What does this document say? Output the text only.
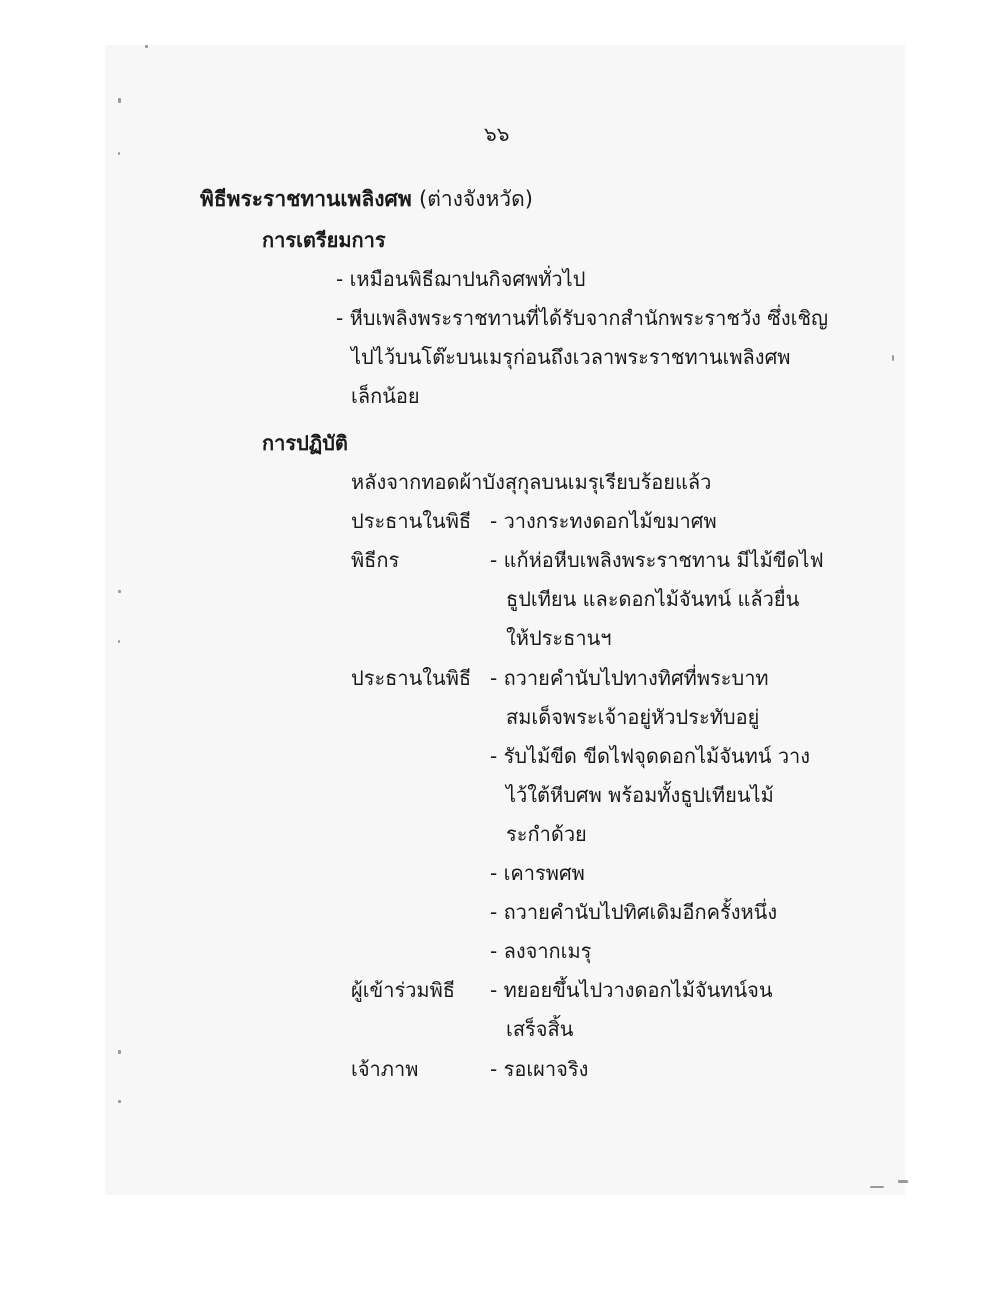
๖๖
พิธีพระราชทานเพลิงศพ (ต่างจังหวัด)
การเตรียมการ
- เหมือนพิธีฌาปนกิจศพทั่วไป
- หีบเพลิงพระราชทานที่ได้รับจากสำนักพระราชวัง ซึ่งเชิญ
ไปไว้บนโต๊ะบนเมรุก่อนถึงเวลาพระราชทานเพลิงศพ
เล็กน้อย
การปฏิบัติ
หลังจากทอดผ้าบังสุกุลบนเมรุเรียบร้อยแล้ว
ประธานในพิธี - วางกระทงดอกไม้ขมาศพ
พิธีกร	- แก้ห่อหีบเพลิงพระราชทาน มีไม้ขีดไฟ
ธูปเทียน และดอกไม้จันทน์ แล้วยื่น
ให้ประธานฯ
ประธานในพิธี - ถวายคำนับไปทางทิศที่พระบาท
สมเด็จพระเจ้าอยู่หัวประทับอยู่
- รับไม้ขีด ขีดไฟจุดดอกไม้จันทน์ วาง
ไว้ใต้หีบศพ พร้อมทั้งธูปเทียนไม้
ระกำด้วย
- เคารพศพ
- ถวายคำนับไปทิศเดิมอีกครั้งหนึ่ง
- ลงจากเมรุ
ผู้เข้าร่วมพิธี - ทยอยขึ้นไปวางดอกไม้จันทน์จน
เสร็จสิ้น
เจ้าภาพ	- รอเผาจริง
